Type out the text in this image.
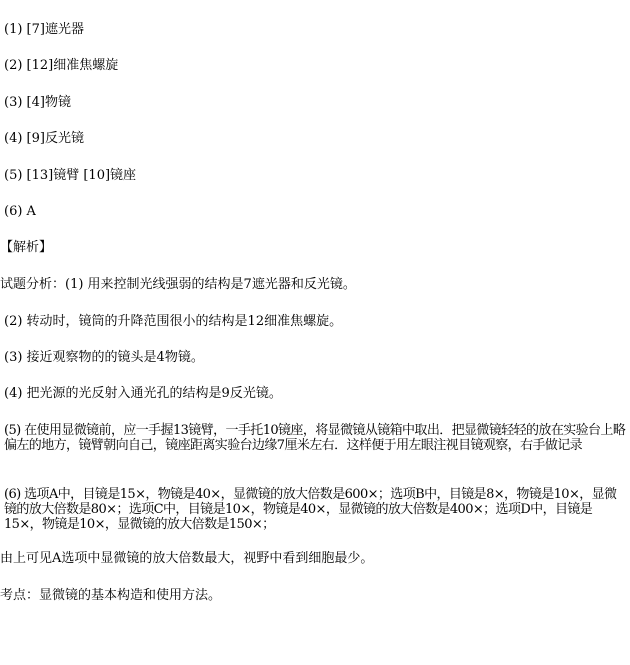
(1) [7]遮光器
(2) [12]细准焦螺旋
(3) [4]物镜
(4) [9]反光镜
(5) [13]镜臂 [10]镜座
(6) A
【解析】
试题分析：(1) 用来控制光线强弱的结构是7遮光器和反光镜。
(2) 转动时，镜筒的升降范围很小的结构是12细准焦螺旋。
(3) 接近观察物的的镜头是4物镜。
(4) 把光源的光反射入通光孔的结构是9反光镜。
(5) 在使用显微镜前，应一手握13镜臂，一手托10镜座，将显微镜从镜箱中取出．把显微镜轻轻的放在实验台上略偏左的地方，镜臂朝向自己，镜座距离实验台边缘7厘米左右．这样便于用左眼注视目镜观察，右手做记录
(6) 选项A中，目镜是15×，物镜是40×，显微镜的放大倍数是600×；选项B中，目镜是8×，物镜是10×，显微镜的放大倍数是80×；选项C中，目镜是10×，物镜是40×，显微镜的放大倍数是400×；选项D中，目镜是15×，物镜是10×，显微镜的放大倍数是150×；
由上可见A选项中显微镜的放大倍数最大，视野中看到细胞最少。
考点：显微镜的基本构造和使用方法。
